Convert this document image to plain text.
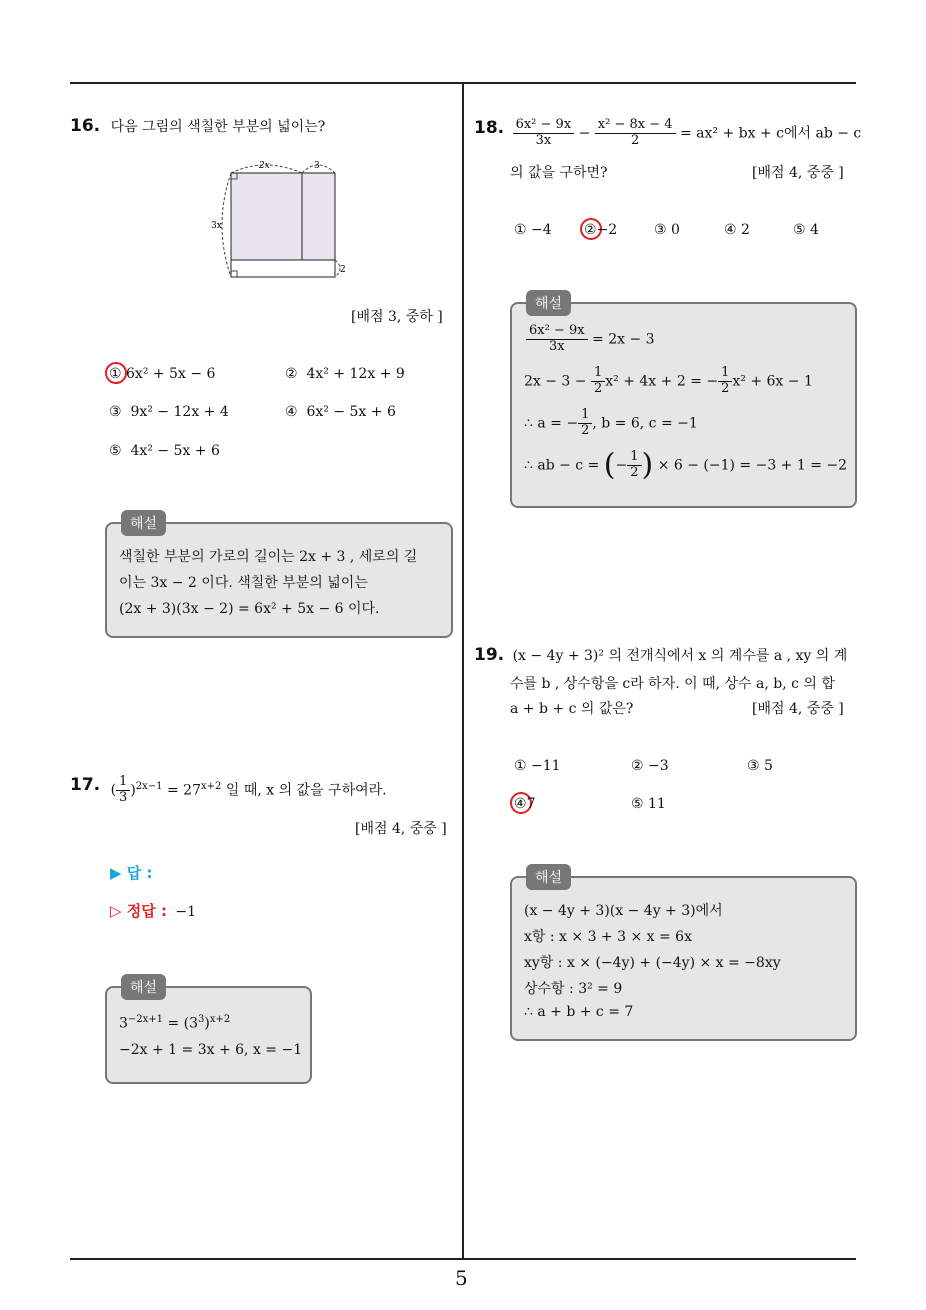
5
16. 다음 그림의 색칠한 부분의 넓이는?
2x	3
3x
2
[배점 3, 중하 ]
① 6x² + 5x − 6	② 4x² + 12x + 9
③ 9x² − 12x + 4	④ 6x² − 5x + 6
⑤ 4x² − 5x + 6
해설
색칠한 부분의 가로의 길이는 2x + 3 , 세로의 길
이는 3x − 2 이다. 색칠한 부분의 넓이는
(2x + 3)(3x − 2) = 6x² + 5x − 6 이다.
17. ( $\frac{1}{3} )^{2x-1} = 27^{x+2}$ 일 때, x 의 값을 구하여라.
[배점 4, 중중 ]
▶ 답 :
▷ 정답 : −1
해설
$3^{-2x+1} = (3^3)^{x+2}$
−2x + 1 = 3x + 6, x = −1
18. $\frac{\text{6x² − 9x}}{3x} - \frac{\text{x² − 8x − 4}}{2} = ax^2$ + bx + c에서 ab − c
의 값을 구하면?	[배점 4, 중중 ]
① −4 ②−2	③ 0	④ 2	⑤ 4
해설
$\frac{\text{6x² − 9x}}{3x} = 2x - 3$
$2x - 3 - \frac{1}{2} x^2 + 4x + 2$ = − $\frac{1}{2} x^2 + 6x - 1$
∴ a = − $\frac{1}{2}$ , b = 6, c = −1
∴ ab − c = (− $\frac{1}{2}$ ) × 6 − (−1) = −3 + 1 = −2
19. (x − 4y + 3)² 의 전개식에서 x 의 계수를 a , xy 의 계
수를 b , 상수항을 c라 하자. 이 때, 상수 a, b, c 의 합
a + b + c 의 값은?	[배점 4, 중중 ]
① −11	② −3	③ 5
④7	⑤ 11
해설
(x − 4y + 3)(x − 4y + 3)에서
x항 : x × 3 + 3 × x = 6x
xy항 : x × (−4y) + (−4y) × x = −8xy
상수항 : 3² = 9
∴ a + b + c = 7
